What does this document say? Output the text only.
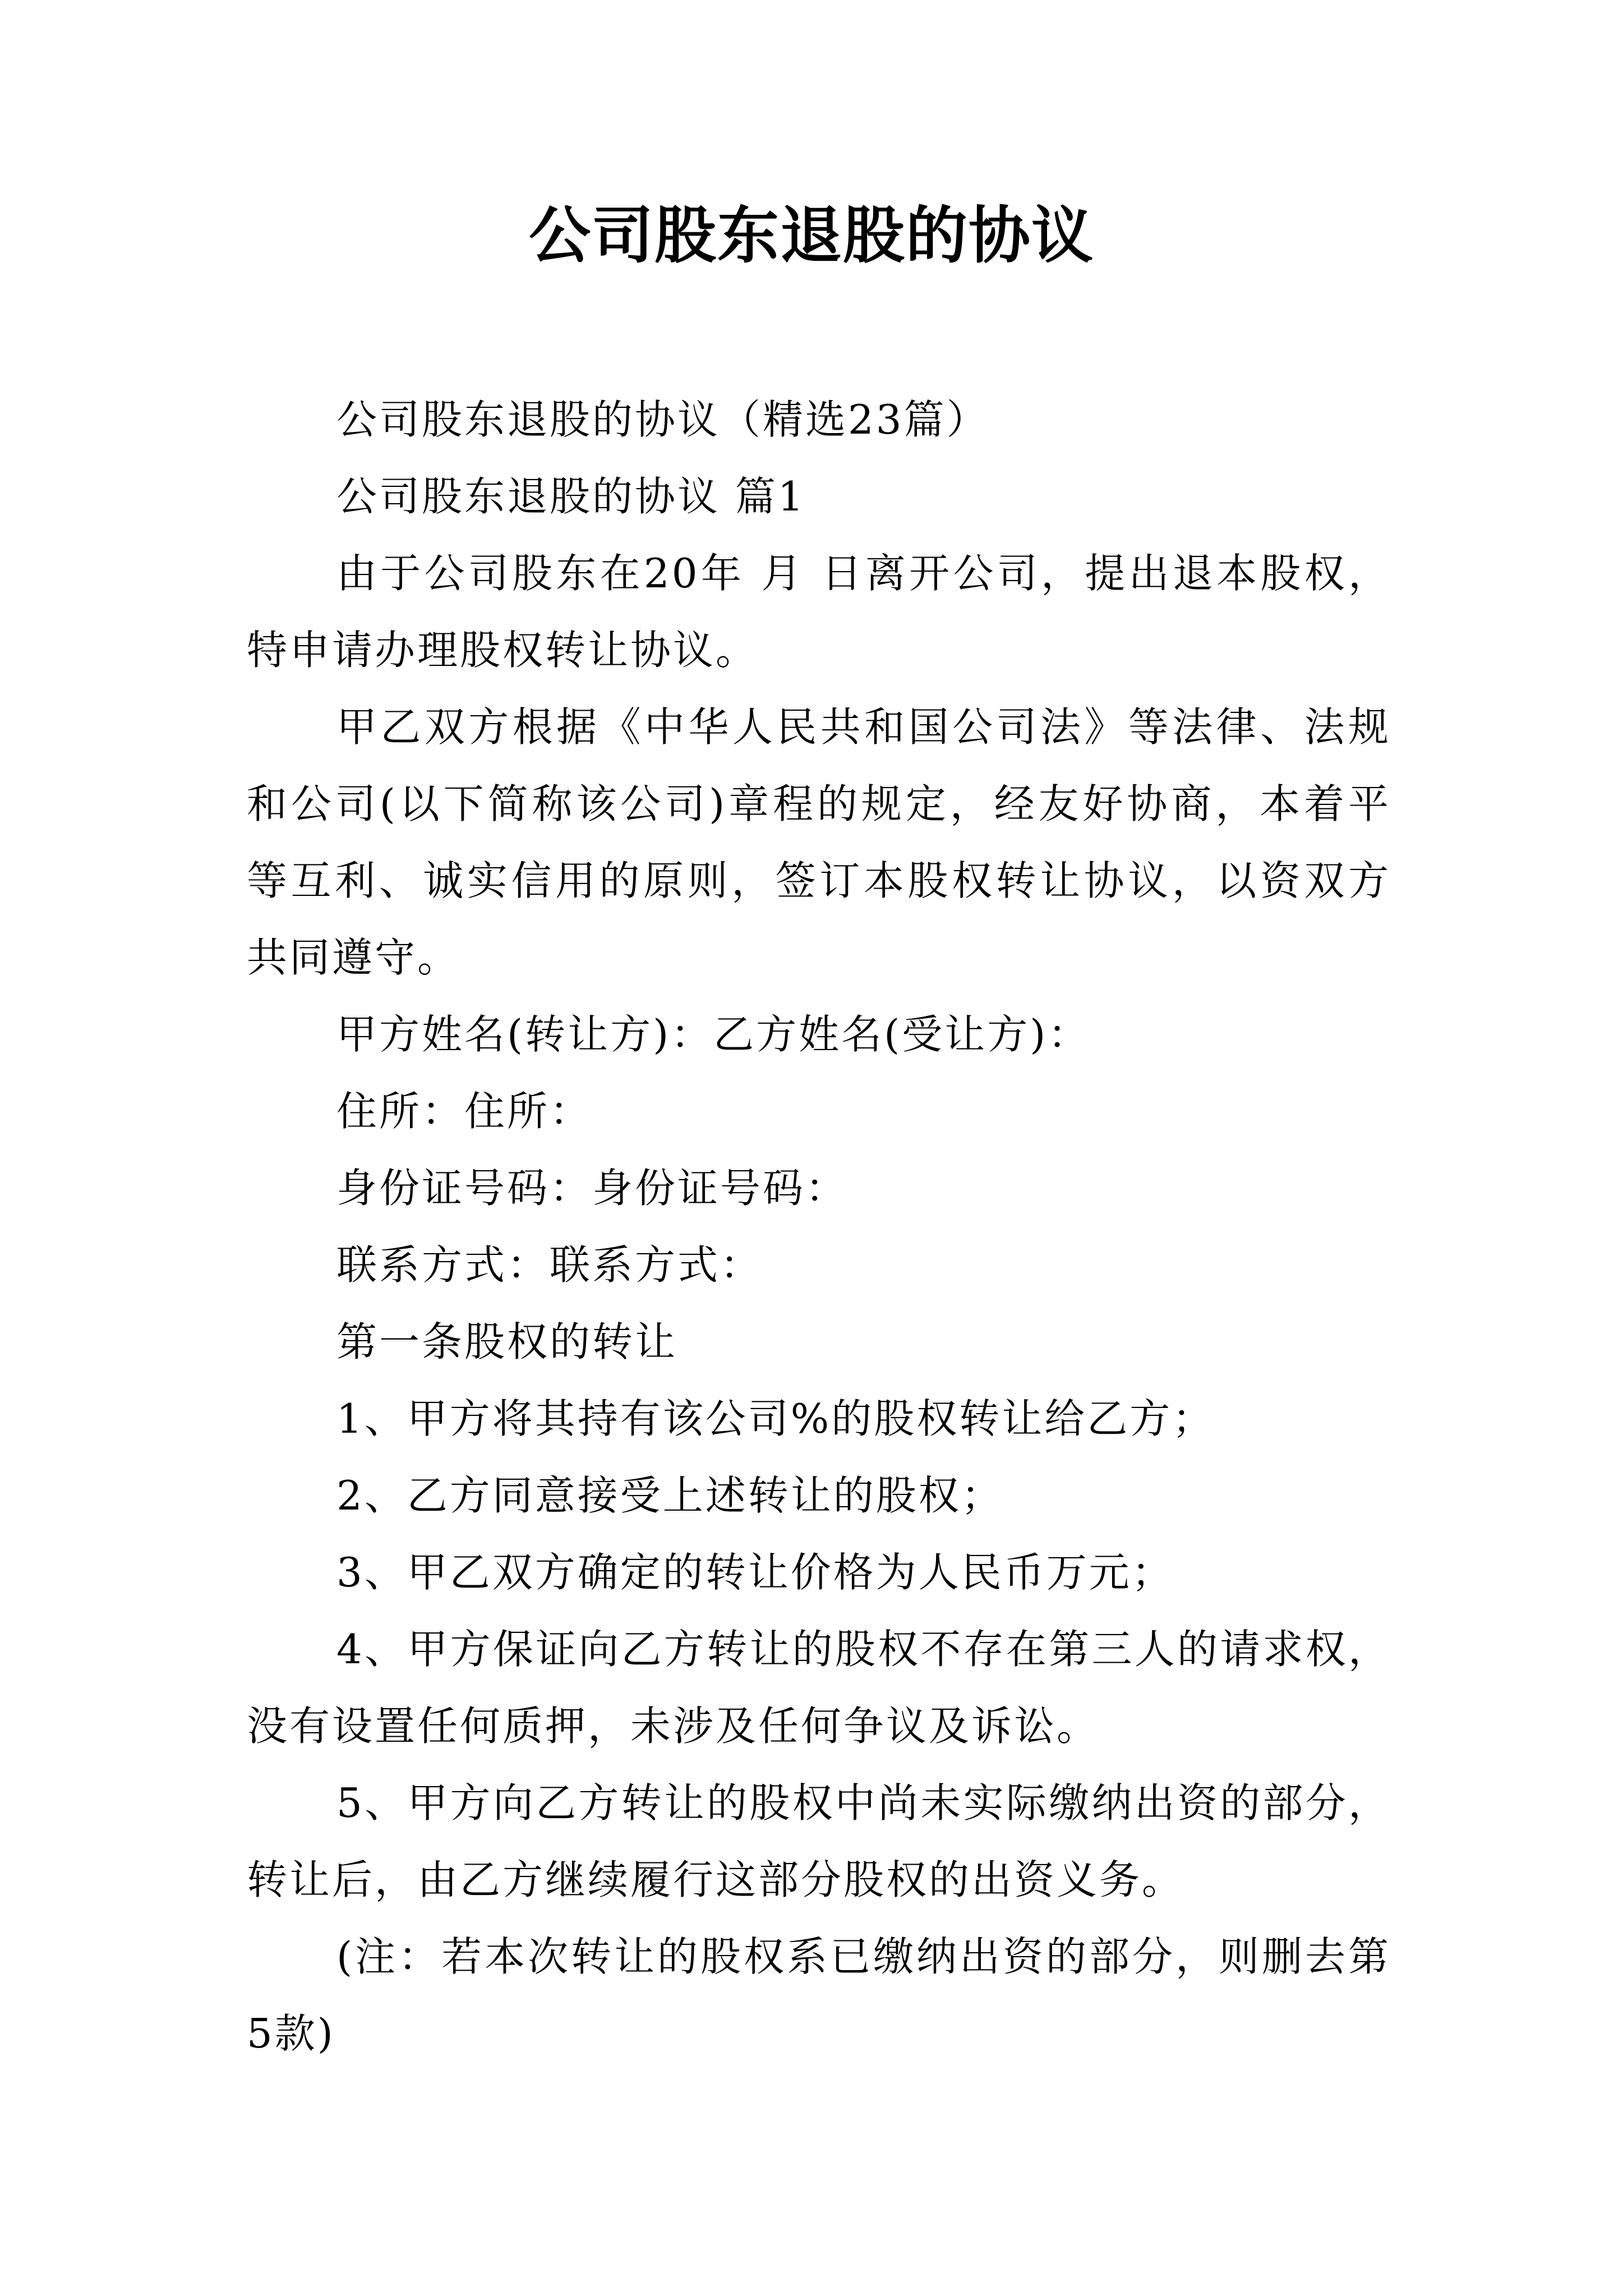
公司股东退股的协议

公司股东退股的协议（精选23篇）

公司股东退股的协议 篇1

由于公司股东在20年 月 日离开公司，提出退本股权，特申请办理股权转让协议。

甲乙双方根据《中华人民共和国公司法》等法律、法规和公司(以下简称该公司)章程的规定，经友好协商，本着平等互利、诚实信用的原则，签订本股权转让协议，以资双方共同遵守。

甲方姓名(转让方)：乙方姓名(受让方)：

住所：住所：

身份证号码：身份证号码：

联系方式：联系方式：

第一条股权的转让

1、甲方将其持有该公司%的股权转让给乙方；

2、乙方同意接受上述转让的股权；

3、甲乙双方确定的转让价格为人民币万元；

4、甲方保证向乙方转让的股权不存在第三人的请求权，没有设置任何质押，未涉及任何争议及诉讼。

5、甲方向乙方转让的股权中尚未实际缴纳出资的部分，转让后，由乙方继续履行这部分股权的出资义务。

(注：若本次转让的股权系已缴纳出资的部分，则删去第5款)
